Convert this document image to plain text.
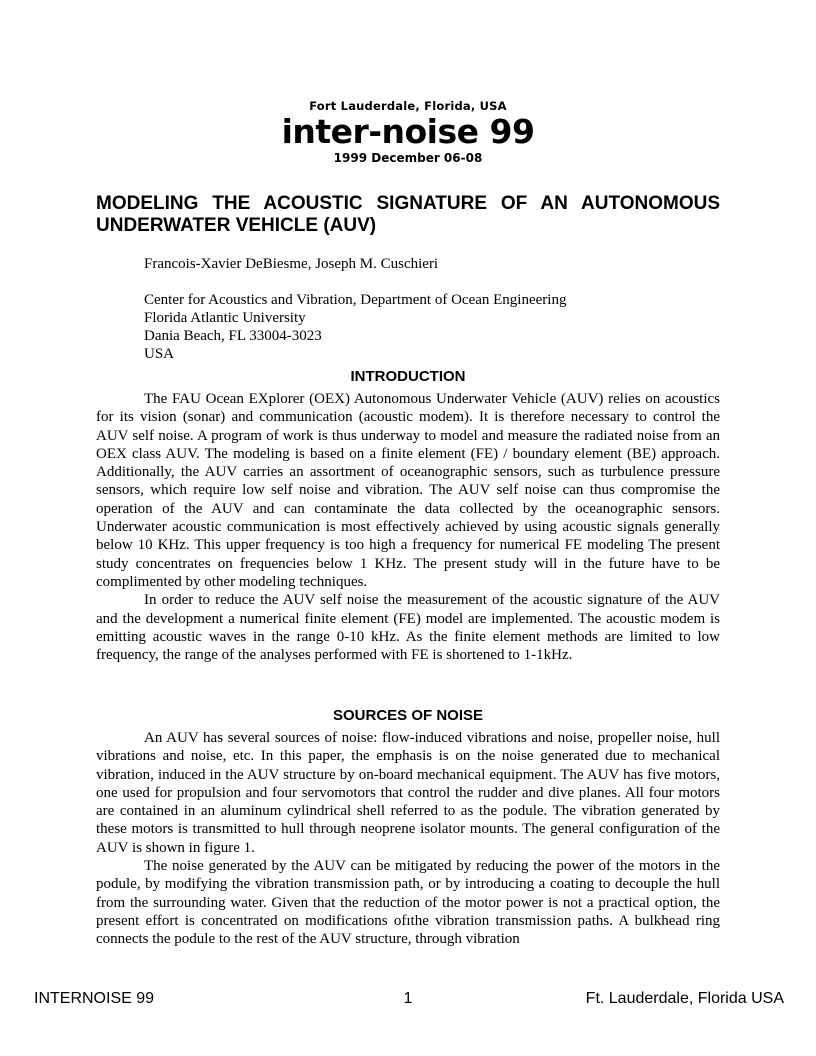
Fort Lauderdale, Florida, USA
inter-noise 99
1999 December 06-08
MODELING THE ACOUSTIC SIGNATURE OF AN AUTONOMOUS
UNDERWATER VEHICLE (AUV)
Francois-Xavier DeBiesme, Joseph M. Cuschieri
Center for Acoustics and Vibration, Department of Ocean Engineering
Florida Atlantic University
Dania Beach, FL 33004-3023
USA
INTRODUCTION

The FAU Ocean EXplorer (OEX) Autonomous Underwater Vehicle (AUV) relies on acoustics for its vision (sonar) and communication (acoustic modem). It is therefore necessary to control the AUV self noise. A program of work is thus underway to model and measure the radiated noise from an OEX class AUV. The modeling is based on a finite element (FE) / boundary element (BE) approach. Additionally, the AUV carries an assortment of oceanographic sensors, such as turbulence pressure sensors, which require low self noise and vibration. The AUV self noise can thus compromise the operation of the AUV and can contaminate the data collected by the oceanographic sensors. Underwater acoustic communication is most effectively achieved by using acoustic signals generally below 10 KHz. This upper frequency is too high a frequency for numerical FE modeling The present study concentrates on frequencies below 1 KHz. The present study will in the future have to be complimented by other modeling techniques.

In order to reduce the AUV self noise the measurement of the acoustic signature of the AUV and the development a numerical finite element (FE) model are implemented. The acoustic modem is emitting acoustic waves in the range 0-10 kHz. As the finite element methods are limited to low frequency, the range of the analyses performed with FE is shortened to 1-1kHz.

SOURCES OF NOISE

An AUV has several sources of noise: flow-induced vibrations and noise, propeller noise, hull vibrations and noise, etc. In this paper, the emphasis is on the noise generated due to mechanical vibration, induced in the AUV structure by on-board mechanical equipment. The AUV has five motors, one used for propulsion and four servomotors that control the rudder and dive planes. All four motors are contained in an aluminum cylindrical shell referred to as the podule. The vibration generated by these motors is transmitted to hull through neoprene isolator mounts. The general configuration of the AUV is shown in figure 1.

The noise generated by the AUV can be mitigated by reducing the power of the motors in the podule, by modifying the vibration transmission path, or by introducing a coating to decouple the hull from the surrounding water. Given that the reduction of the motor power is not a practical option, the present effort is concentrated on modifications ofıthe vibration transmission paths. A bulkhead ring connects the podule to the rest of the AUV structure, through vibration

INTERNOISE 99	1	Ft. Lauderdale, Florida USA
